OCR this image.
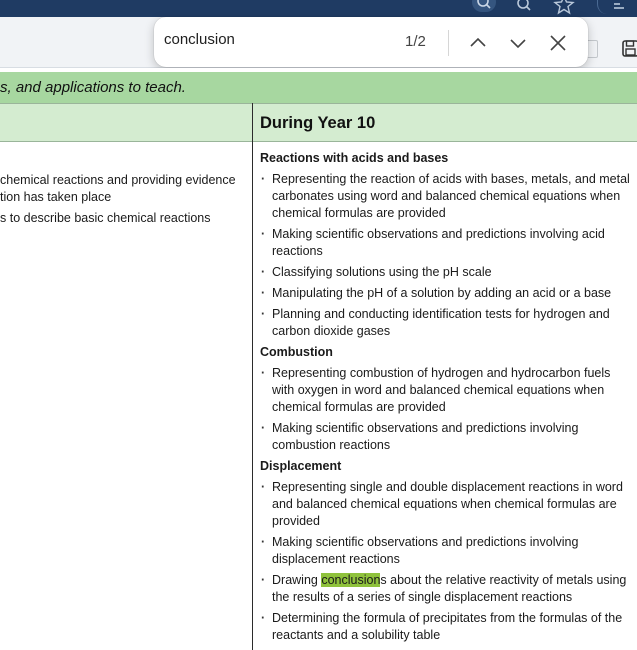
conclusion
1/2
s, and applications to teach.
During Year 10
chemical reactions and providing evidence
tion has taken place
s to describe basic chemical reactions
Reactions with acids and bases
· Representing the reaction of acids with bases, metals, and metal carbonates using word and balanced chemical equations when chemical formulas are provided
· Making scientific observations and predictions involving acid reactions
· Classifying solutions using the pH scale
· Manipulating the pH of a solution by adding an acid or a base
· Planning and conducting identification tests for hydrogen and carbon dioxide gases
Combustion
· Representing combustion of hydrogen and hydrocarbon fuels with oxygen in word and balanced chemical equations when chemical formulas are provided
· Making scientific observations and predictions involving combustion reactions
Displacement
· Representing single and double displacement reactions in word and balanced chemical equations when chemical formulas are provided
· Making scientific observations and predictions involving displacement reactions
· Drawing conclusions about the relative reactivity of metals using the results of a series of single displacement reactions
· Determining the formula of precipitates from the formulas of the reactants and a solubility table
